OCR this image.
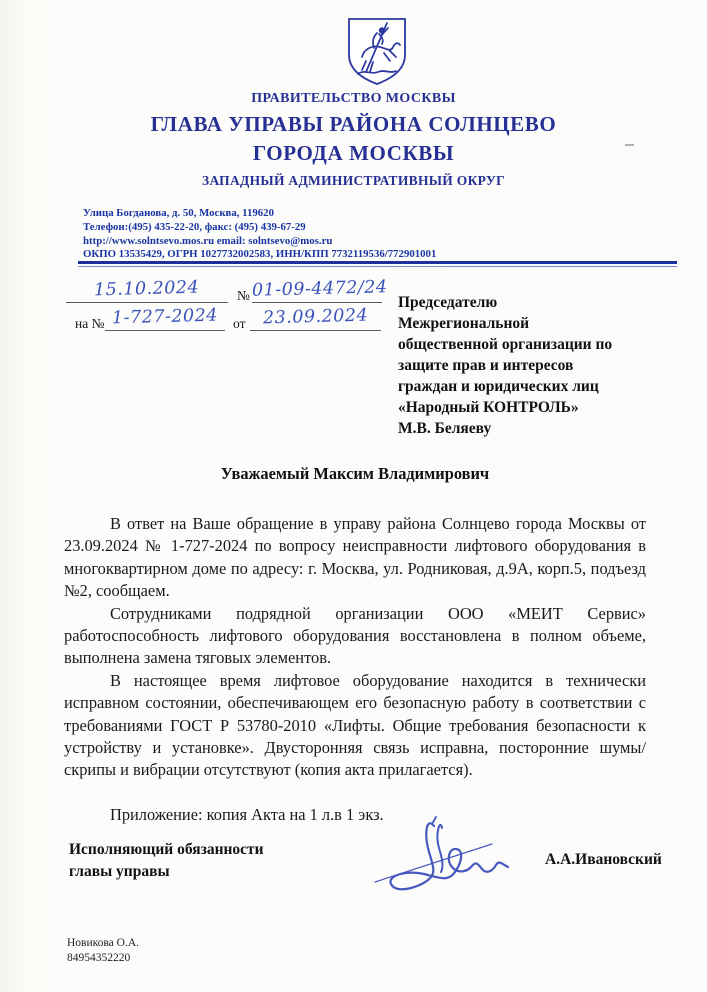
ПРАВИТЕЛЬСТВО МОСКВЫ
ГЛАВА УПРАВЫ РАЙОНА СОЛНЦЕВО
ГОРОДА МОСКВЫ
ЗАПАДНЫЙ АДМИНИСТРАТИВНЫЙ ОКРУГ
Улица Богданова, д. 50, Москва, 119620
Телефон:(495) 435-22-20, факс: (495) 439-67-29
http://www.solntsevo.mos.ru email: solntsevo@mos.ru
ОКПО 13535429, ОГРН 1027732002583, ИНН/КПП 7732119536/772901001
15.10.2024	№ 01-09-4472/24
на № 1-727-2024	от 23.09.2024
Председателю
Межрегиональной
общественной организации по
защите прав и интересов
граждан и юридических лиц
«Народный КОНТРОЛЬ»
М.В. Беляеву
Уважаемый Максим Владимирович

В ответ на Ваше обращение в управу района Солнцево города Москвы от 23.09.2024 № 1-727-2024 по вопросу неисправности лифтового оборудования в многоквартирном доме по адресу: г. Москва, ул. Родниковая, д.9А, корп.5, подъезд №2, сообщаем.

Сотрудниками подрядной организации ООО «МЕИТ Сервис» работоспособность лифтового оборудования восстановлена в полном объеме, выполнена замена тяговых элементов.

В настоящее время лифтовое оборудование находится в технически исправном состоянии, обеспечивающем его безопасную работу в соответствии с требованиями ГОСТ Р 53780-2010 «Лифты. Общие требования безопасности к устройству и установке». Двусторонняя связь исправна, посторонние шумы/скрипы и вибрации отсутствуют (копия акта прилагается).

Приложение: копия Акта на 1 л.в 1 экз.

Исполняющий обязанности
главы управы
А.А.Ивановский
Новикова О.А.
84954352220
